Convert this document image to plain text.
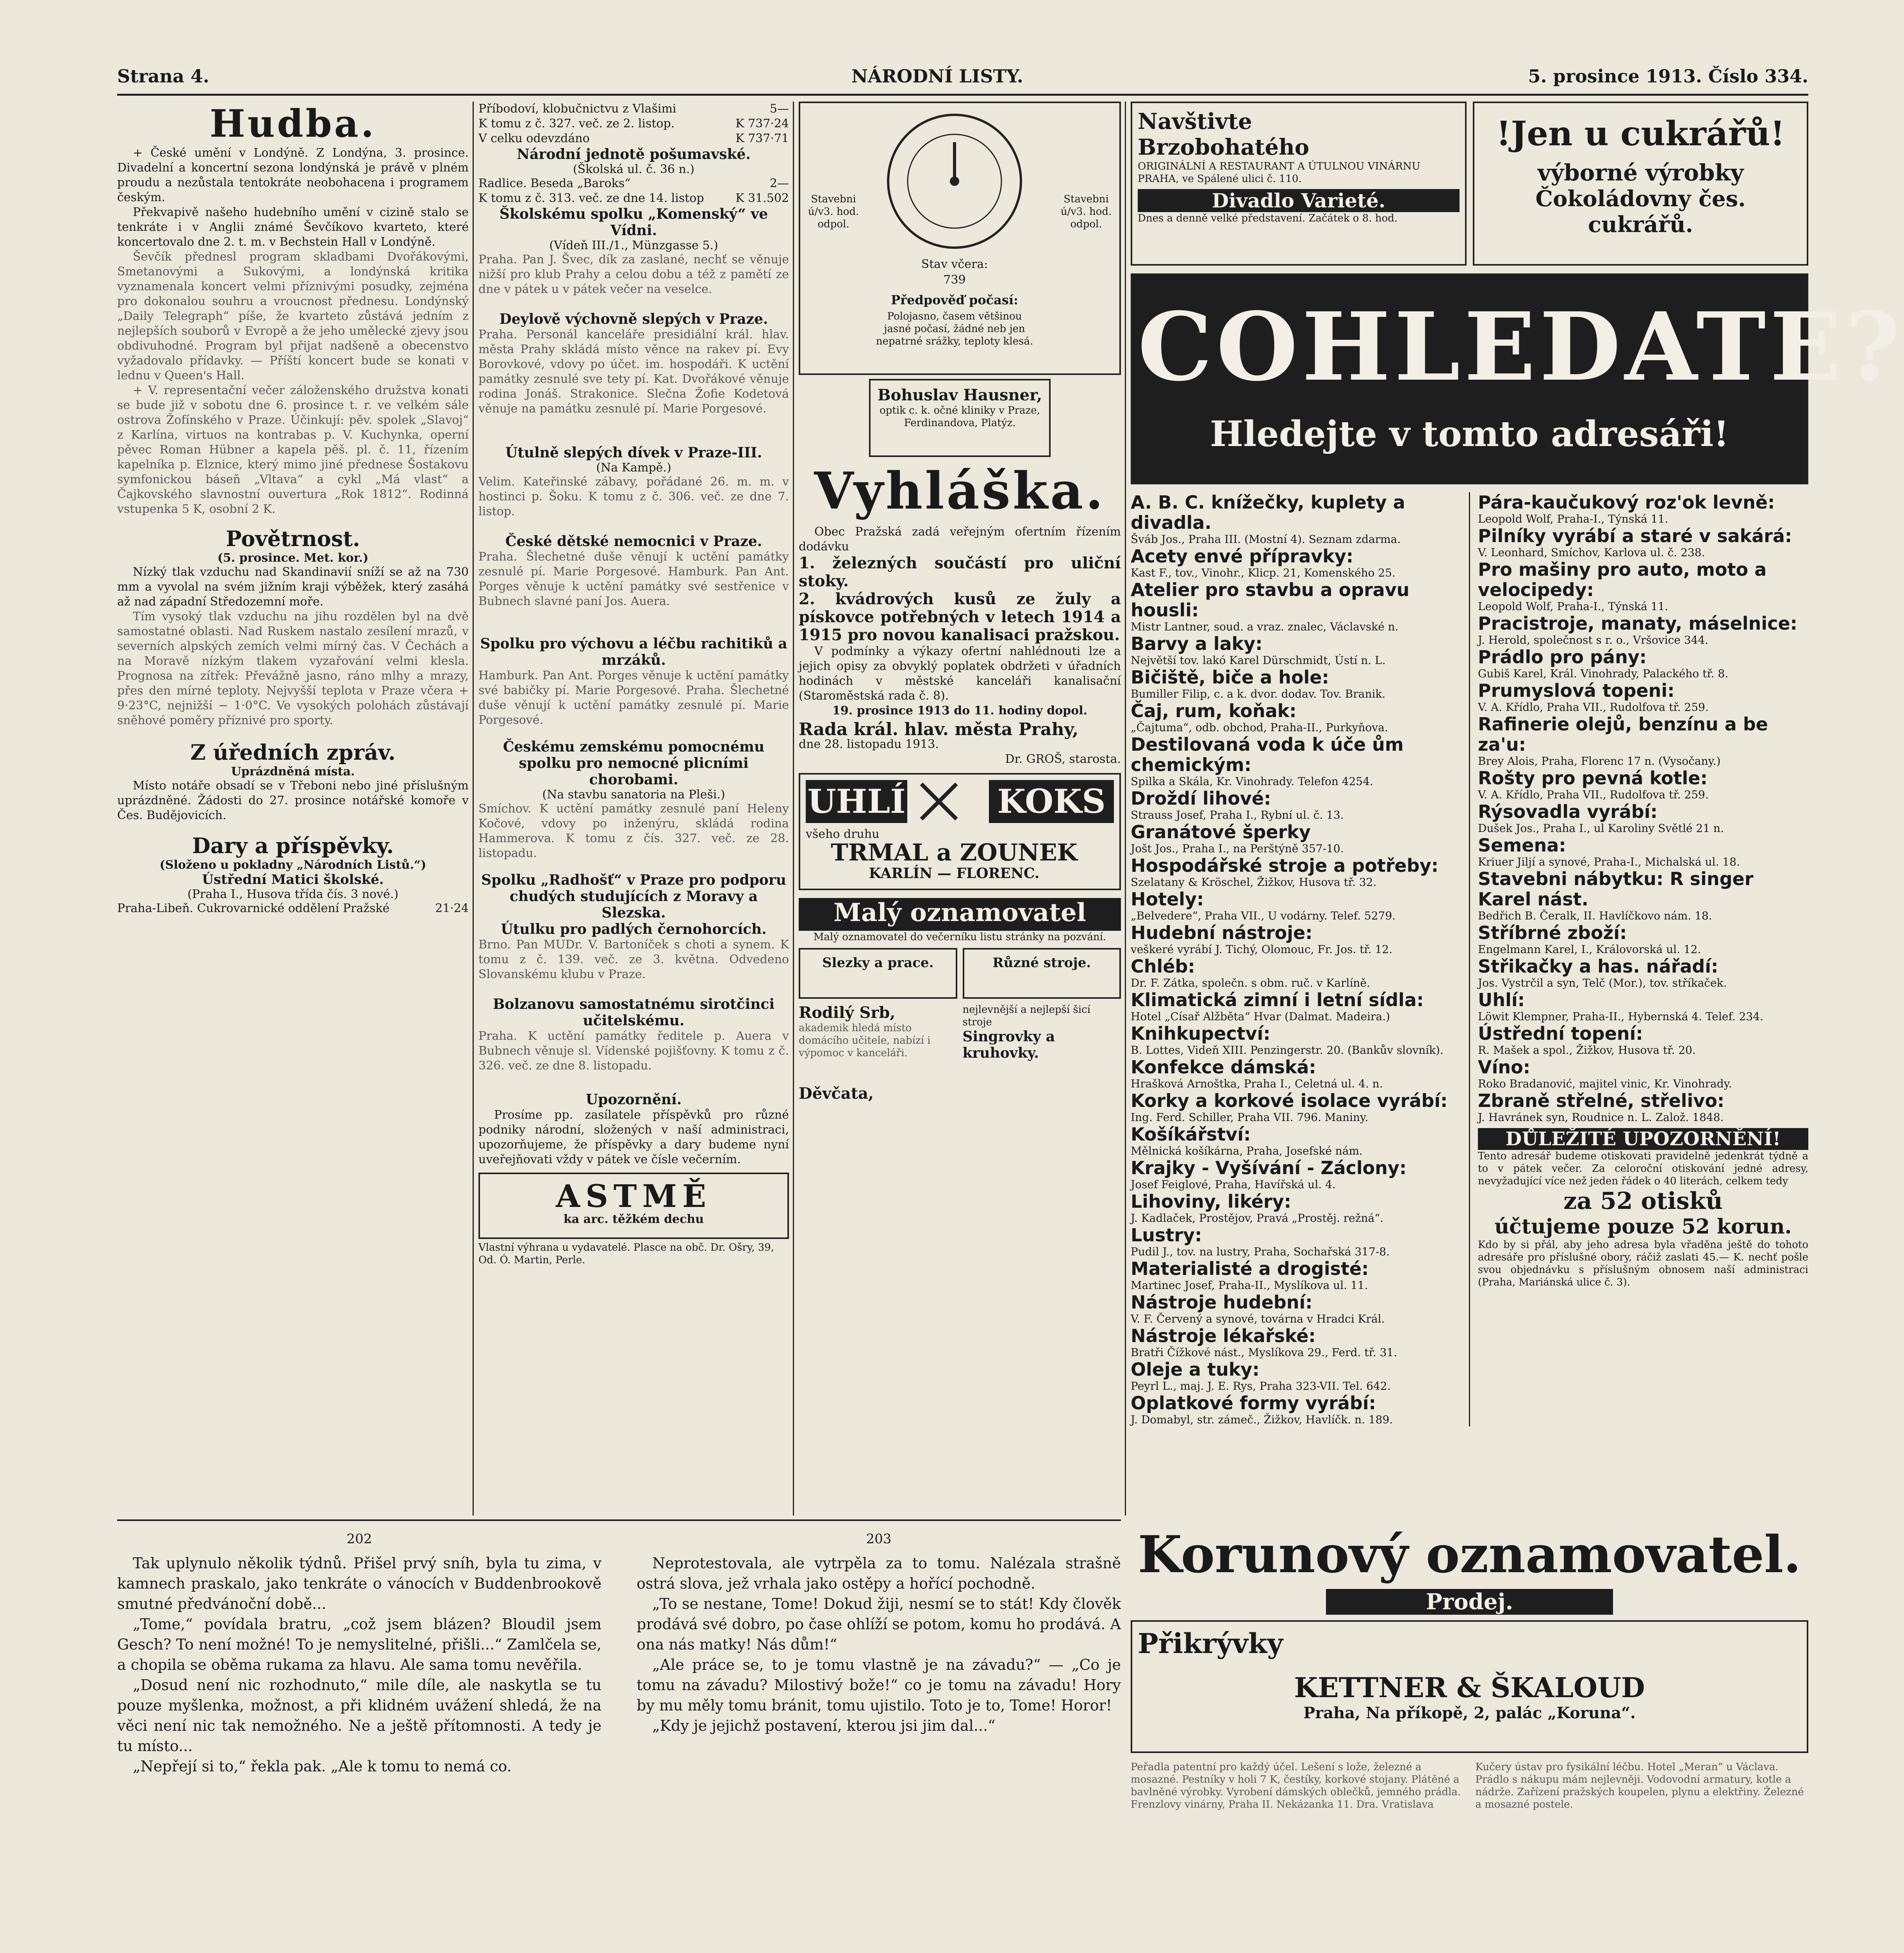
Strana 4.	NÁRODNÍ LISTY.	5. prosince 1913. Číslo 334.
Hudba.

+ České umění v Londýně. Z Londýna, 3. prosince. Divadelní a koncertní sezona londýnská je právě v plném proudu a nezůstala tentokráte neobohacena i programem českým.

Překvapivě našeho hudebního umění v cizině stalo se tenkráte i v Anglii známé Ševčíkovo kvarteto, které koncertovalo dne 2. t. m. v Bechstein Hall v Londýně.

Ševčík přednesl program skladbami Dvořákovými, Smetanovými a Sukovými, a londýnská kritika vyznamenala koncert velmi příznivými posudky, zejména pro dokonalou souhru a vroucnost přednesu. Londýnský „Daily Telegraph“ píše, že kvarteto zůstává jedním z nejlepších souborů v Evropě a že jeho umělecké zjevy jsou obdivuhodné. Program byl přijat nadšeně a obecenstvo vyžadovalo přídavky. — Příští koncert bude se konati v lednu v Queen's Hall.

+ V. representační večer záloženského družstva konati se bude již v sobotu dne 6. prosince t. r. ve velkém sále ostrova Žofínského v Praze. Účinkují: pěv. spolek „Slavoj“ z Karlína, virtuos na kontrabas p. V. Kuchynka, operní pěvec Roman Hübner a kapela pěš. pl. č. 11, řízením kapelníka p. Elznice, který mimo jiné přednese Šostakovu symfonickou báseň „Vltava“ a cykl „Má vlast“ a Čajkovského slavnostní ouvertura „Rok 1812“. Rodinná vstupenka 5 K, osobní 2 K.

Povětrnost.
(5. prosince. Met. kor.)

Nízký tlak vzduchu nad Skandinavií sníží se až na 730 mm a vyvolal na svém jižním kraji výběžek, který zasáhá až nad západní Středozemní moře.

Tím vysoký tlak vzduchu na jihu rozdělen byl na dvě samostatné oblasti. Nad Ruskem nastalo zesílení mrazů, v severních alpských zemích velmi mírný čas. V Čechách a na Moravě nízkým tlakem vyzařování velmi klesla. Prognosa na zítřek: Převážně jasno, ráno mlhy a mrazy, přes den mírné teploty. Nejvyšší teplota v Praze včera + 9·23°C, nejnižší − 1·0°C. Ve vysokých polohách zůstávají sněhové poměry příznivé pro sporty.

Z úředních zpráv.
Uprázdněná místa.

Místo notáře obsadí se v Třeboni nebo jiné příslušným uprázdněné. Žádosti do 27. prosince notářské komoře v Čes. Budějovicích.

Dary a příspěvky.
(Složeno u pokladny „Národních Listů.“)
Ústřední Matici školské.
(Praha I., Husova třída čís. 3 nové.)
Praha-Libeň. Cukrovarnické oddělení Pražské	21·24
Příbodoví, klobučnictvu z Vlašimi	5—
K tomu z č. 327. več. ze 2. listop.	K 737·24
V celku odevzdáno	K 737·71
Národní jednotě pošumavské.
(Školská ul. č. 36 n.)
Radlice. Beseda „Baroks“	2—
K tomu z č. 313. več. ze dne 14. listop	K 31.502
Školskému spolku „Komenský“ ve Vídni.
(Vídeň III./1., Münzgasse 5.)
Praha. Pan J. Švec, dík za zaslané, nechť se věnuje nižší pro klub Prahy a celou dobu a též z pamětí ze dne v pátek u v pátek večer na veselce.
Deylově výchovně slepých v Praze.
Praha. Personál kanceláře presidiální král. hlav. města Prahy skládá místo věnce na rakev pí. Evy Borovkové, vdovy po účet. im. hospodáři. K uctění památky zesnulé sve tety pí. Kat. Dvořákové věnuje rodina Jonáš. Strakonice. Slečna Žofie Kodetová věnuje na památku zesnulé pí. Marie Porgesové.
Útulně slepých dívek v Praze-III.
(Na Kampě.)
Velim. Kateřinské zábavy, pořádané 26. m. m. v hostinci p. Šoku. K tomu z č. 306. več. ze dne 7. listop.
České dětské nemocnici v Praze.
Praha. Šlechetné duše věnují k uctění památky zesnulé pí. Marie Porgesové. Hamburk. Pan Ant. Porges věnuje k uctění památky své sestřenice v Bubnech slavné paní Jos. Auera.
Spolku pro výchovu a léčbu rachitiků a mrzáků.
Hamburk. Pan Ant. Porges věnuje k uctění památky své babičky pí. Marie Porgesové. Praha. Šlechetné duše věnují k uctění památky zesnulé pí. Marie Porgesové.
Českému zemskému pomocnému spolku pro nemocné plicními chorobami.
(Na stavbu sanatoria na Pleši.)
Smíchov. K uctění památky zesnulé paní Heleny Kočové, vdovy po inženýru, skládá rodina Hammerova. K tomu z čís. 327. več. ze 28. listopadu.
Spolku „Radhošť“ v Praze pro podporu chudých studujících z Moravy a Slezska.
Útulku pro padlých černohorcích.
Brno. Pan MUDr. V. Bartoníček s choti a synem. K tomu z č. 139. več. ze 3. května. Odvedeno Slovanskému klubu v Praze.
Bolzanovu samostatnému sirotčinci učitelskému.
Praha. K uctění památky ředitele p. Auera v Bubnech věnuje sl. Vídenské pojišťovny. K tomu z č. 326. več. ze dne 8. listopadu.
Upozornění.

Prosíme pp. zasílatele příspěvků pro různé podniky národní, složených v naší administraci, upozorňujeme, že příspěvky a dary budeme nyní uveřejňovati vždy v pátek ve čísle večerním.

ASTMĚ
ka arc. těžkém dechu
Vlastní výhrana u vydavatelé. Plasce na obč. Dr. Ošry, 39, Od. Ó. Martin, Perle.
Stavebni ú/v3. hod. odpol.
Stavebni ú/v3. hod. odpol.
Stav včera:
739
Předpověď počasí:
Polojasno, časem většinou jasné počasí, žádné neb jen nepatrné srážky, teploty klesá.
Bohuslav Hausner,
optik c. k. očné kliniky v Praze, Ferdinandova, Platýz.
Vyhláška.

Obec Pražská zadá veřejným ofertním řízením dodávku

1. železných součástí pro uliční stoky.
2. kvádrových kusů ze žuly a pískovce potřebných v letech 1914 a 1915 pro novou kanalisaci pražskou.

V podmínky a výkazy ofertní nahlédnouti lze a jejich opisy za obvyklý poplatek obdržeti v úřadních hodinách v městské kanceláři kanalisační (Staroměstská rada č. 8).

19. prosince 1913 do 11. hodiny dopol.
Rada král. hlav. města Prahy,
dne 28. listopadu 1913.
Dr. GROŠ, starosta.
UHLÍ	KOKS
všeho druhu
TRMAL a ZOUNEK
KARLÍN — FLORENC.
Malý oznamovatel
Malý oznamovatel do večerníku listu stránky na pozvání.
Slezky a prace.	Různé stroje.
Rodilý Srb,
akademik hledá místo domácího učitele, nabízí i výpomoc v kanceláři.
Děvčata,
nejlevnější a nejlepší šicí stroje
Singrovky a kruhovky.
Navštivte
Brzobohatého
ORIGINÁLNÍ A RESTAURANT A ÚTULNOU VINÁRNU
PRAHA, ve Spálené ulici č. 110.
Divadlo Varieté.
Dnes a denně velké představení. Začátek o 8. hod.
!Jen u cukrářů!
výborné výrobky
Čokoládovny čes. cukrářů.
COHLEDATE?
Hledejte v tomto adresáři!
A. B. C. knížečky, kuplety a divadla.
Šváb Jos., Praha III. (Mostní 4). Seznam zdarma.
Acety envé přípravky:
Kast F., tov., Vinohr., Klicp. 21, Komenského 25.
Atelier pro stavbu a opravu housli:
Mistr Lantner, soud. a vraz. znalec, Václavské n.
Barvy a laky:
Největší tov. lakó Karel Dürschmidt, Ústí n. L.
Bičiště, biče a hole:
Bumiller Filip, c. a k. dvor. dodav. Tov. Branik.
Čaj, rum, koňak:
„Čajtuma“, odb. obchod, Praha-II., Purkyňova.
Destilovaná voda k úče ům chemickým:
Spilka a Skála, Kr. Vinohrady. Telefon 4254.
Droždí lihové:
Strauss Josef, Praha I., Rybní ul. č. 13.
Granátové šperky
Jošt Jos., Praha I., na Perštýně 357-10.
Hospodářské stroje a potřeby:
Szelatany & Kröschel, Žižkov, Husova tř. 32.
Hotely:
„Belvedere“, Praha VII., U vodárny. Telef. 5279.
Hudební nástroje:
veškeré vyrábí J. Tichý, Olomouc, Fr. Jos. tř. 12.
Chléb:
Dr. F. Zátka, společn. s obm. ruč. v Karlíně.
Klimatická zimní i letní sídla:
Hotel „Císař Alžběta“ Hvar (Dalmat. Madeira.)
Knihkupectví:
B. Lottes, Videň XIII. Penzingerstr. 20. (Bankův slovník).
Konfekce dámská:
Hrašková Arnoštka, Praha I., Celetná ul. 4. n.
Korky a korkové isolace vyrábí:
Ing. Ferd. Schiller, Praha VII. 796. Maniny.
Košíkářství:
Mělnická košíkárna, Praha, Josefské nám.
Krajky - Vyšívání - Záclony:
Josef Feiglové, Praha, Havířská ul. 4.
Lihoviny, likéry:
J. Kadlaček, Prostějov, Pravá „Prostěj. režná“.
Lustry:
Pudil J., tov. na lustry, Praha, Sochařská 317-8.
Materialisté a drogisté:
Martinec Josef, Praha-II., Myslíkova ul. 11.
Nástroje hudební:
V. F. Červený a synové, továrna v Hradci Král.
Nástroje lékařské:
Bratři Čížkové nást., Myslíkova 29., Ferd. tř. 31.
Oleje a tuky:
Peyrl L., maj. J. E. Rys, Praha 323-VII. Tel. 642.
Oplatkové formy vyrábí:
J. Domabyl, str. zámeč., Žižkov, Havlíčk. n. 189.
Pára-kaučukový roz'ok levně:
Leopold Wolf, Praha-I., Týnská 11.
Pilníky vyrábí a staré v sakárá:
V. Leonhard, Smíchov, Karlova ul. č. 238.
Pro mašiny pro auto, moto a velocipedy:
Leopold Wolf, Praha-I., Týnská 11.
Pracistroje, manaty, máselnice:
J. Herold, společnost s r. o., Vršovice 344.
Prádlo pro pány:
Gubiš Karel, Král. Vinohrady, Palackého tř. 8.
Prumyslová topeni:
V. A. Křídlo, Praha VII., Rudolfova tř. 259.
Rafinerie olejů, benzínu a be za'u:
Brey Alois, Praha, Florenc 17 n. (Vysočany.)
Rošty pro pevná kotle:
V. A. Křídlo, Praha VII., Rudolfova tř. 259.
Rýsovadla vyrábí:
Dušek Jos., Praha I., ul Karoliny Světlé 21 n.
Semena:
Kriuer Jiljí a synové, Praha-I., Michalská ul. 18.
Stavebni nábytku: R singer Karel nást.
Bedřich B. Čeralk, II. Havlíčkovo nám. 18.
Stříbrné zboží:
Engelmann Karel, I., Královorská ul. 12.
Střikačky a has. nářadí:
Jos. Vystrčil a syn, Telč (Mor.), tov. stříkaček.
Uhlí:
Löwit Klempner, Praha-II., Hybernská 4. Telef. 234.
Ústřední topení:
R. Mašek a spol., Žižkov, Husova tř. 20.
Víno:
Roko Bradanović, majitel vinic, Kr. Vinohrady.
Zbraně střelné, střelivo:
J. Havránek syn, Roudnice n. L. Založ. 1848.
DŮLEŽITÉ UPOZORNĚNÍ!
Tento adresář budeme otiskovati pravidelně jedenkrát týdně a to v pátek večer. Za celoroční otiskování jedné adresy, nevyžadující více než jeden řádek o 40 literách, celkem tedy
za 52 otisků
účtujeme pouze 52 korun.
Kdo by si přál, aby jeho adresa byla vřaděna ještě do tohoto adresáře pro příslušné obory, ráčiž zaslati 45.— K. nechť pošle svou objednávku s příslušným obnosem naší administraci (Praha, Mariánská ulice č. 3).
202

Tak uplynulo několik týdnů. Přišel prvý sníh, byla tu zima, v kamnech praskalo, jako tenkráte o vánocích v Buddenbrookově smutné předvánoční době...

„Tome,“ povídala bratru, „což jsem blázen? Bloudil jsem Gesch? To není možné! To je nemyslitelné, přišli...“ Zamlčela se, a chopila se oběma rukama za hlavu. Ale sama tomu nevěřila.

„Dosud není nic rozhodnuto,“ mile díle, ale naskytla se tu pouze myšlenka, možnost, a při klidném uvážení shledá, že na věci není nic tak nemožného. Ne a ještě přítomnosti. A tedy je tu místo...

„Nepřejí si to,“ řekla pak. „Ale k tomu to nemá co.

203

Neprotestovala, ale vytrpěla za to tomu. Nalézala strašně ostrá slova, jež vrhala jako ostěpy a hořící pochodně.

„To se nestane, Tome! Dokud žiji, nesmí se to stát! Kdy člověk prodává své dobro, po čase ohlíží se potom, komu ho prodává. A ona nás matky! Nás dům!“

„Ale práce se, to je tomu vlastně je na závadu?“ — „Co je tomu na závadu? Milostivý bože!“ co je tomu na závadu! Hory by mu měly tomu bránit, tomu ujistilo. Toto je to, Tome! Horor!

„Kdy je jejichž postavení, kterou jsi jim dal...“

Korunový oznamovatel.
Prodej.
Přikrývky
KETTNER & ŠKALOUD
Praha, Na příkopě, 2, palác „Koruna“.
Peřadla patentní pro každý účel. Lešení s lože, železné a mosazné. Pestníky v holi 7 K, čestíky, korkové stojany. Plátěné a bavlněné výrobky. Vyrobení dámských oblečků, jemného prádla. Frenzlovy vinárny, Praha II. Nekázanka 11. Dra. Vratislava Kučery ústav pro fysikální léčbu. Hotel „Meran“ u Václava. Prádlo s nákupu mám nejlevněji. Vodovodní armatury, kotle a nádrže. Zařízení pražských koupelen, plynu a elektřiny. Železné a mosazné postele.
